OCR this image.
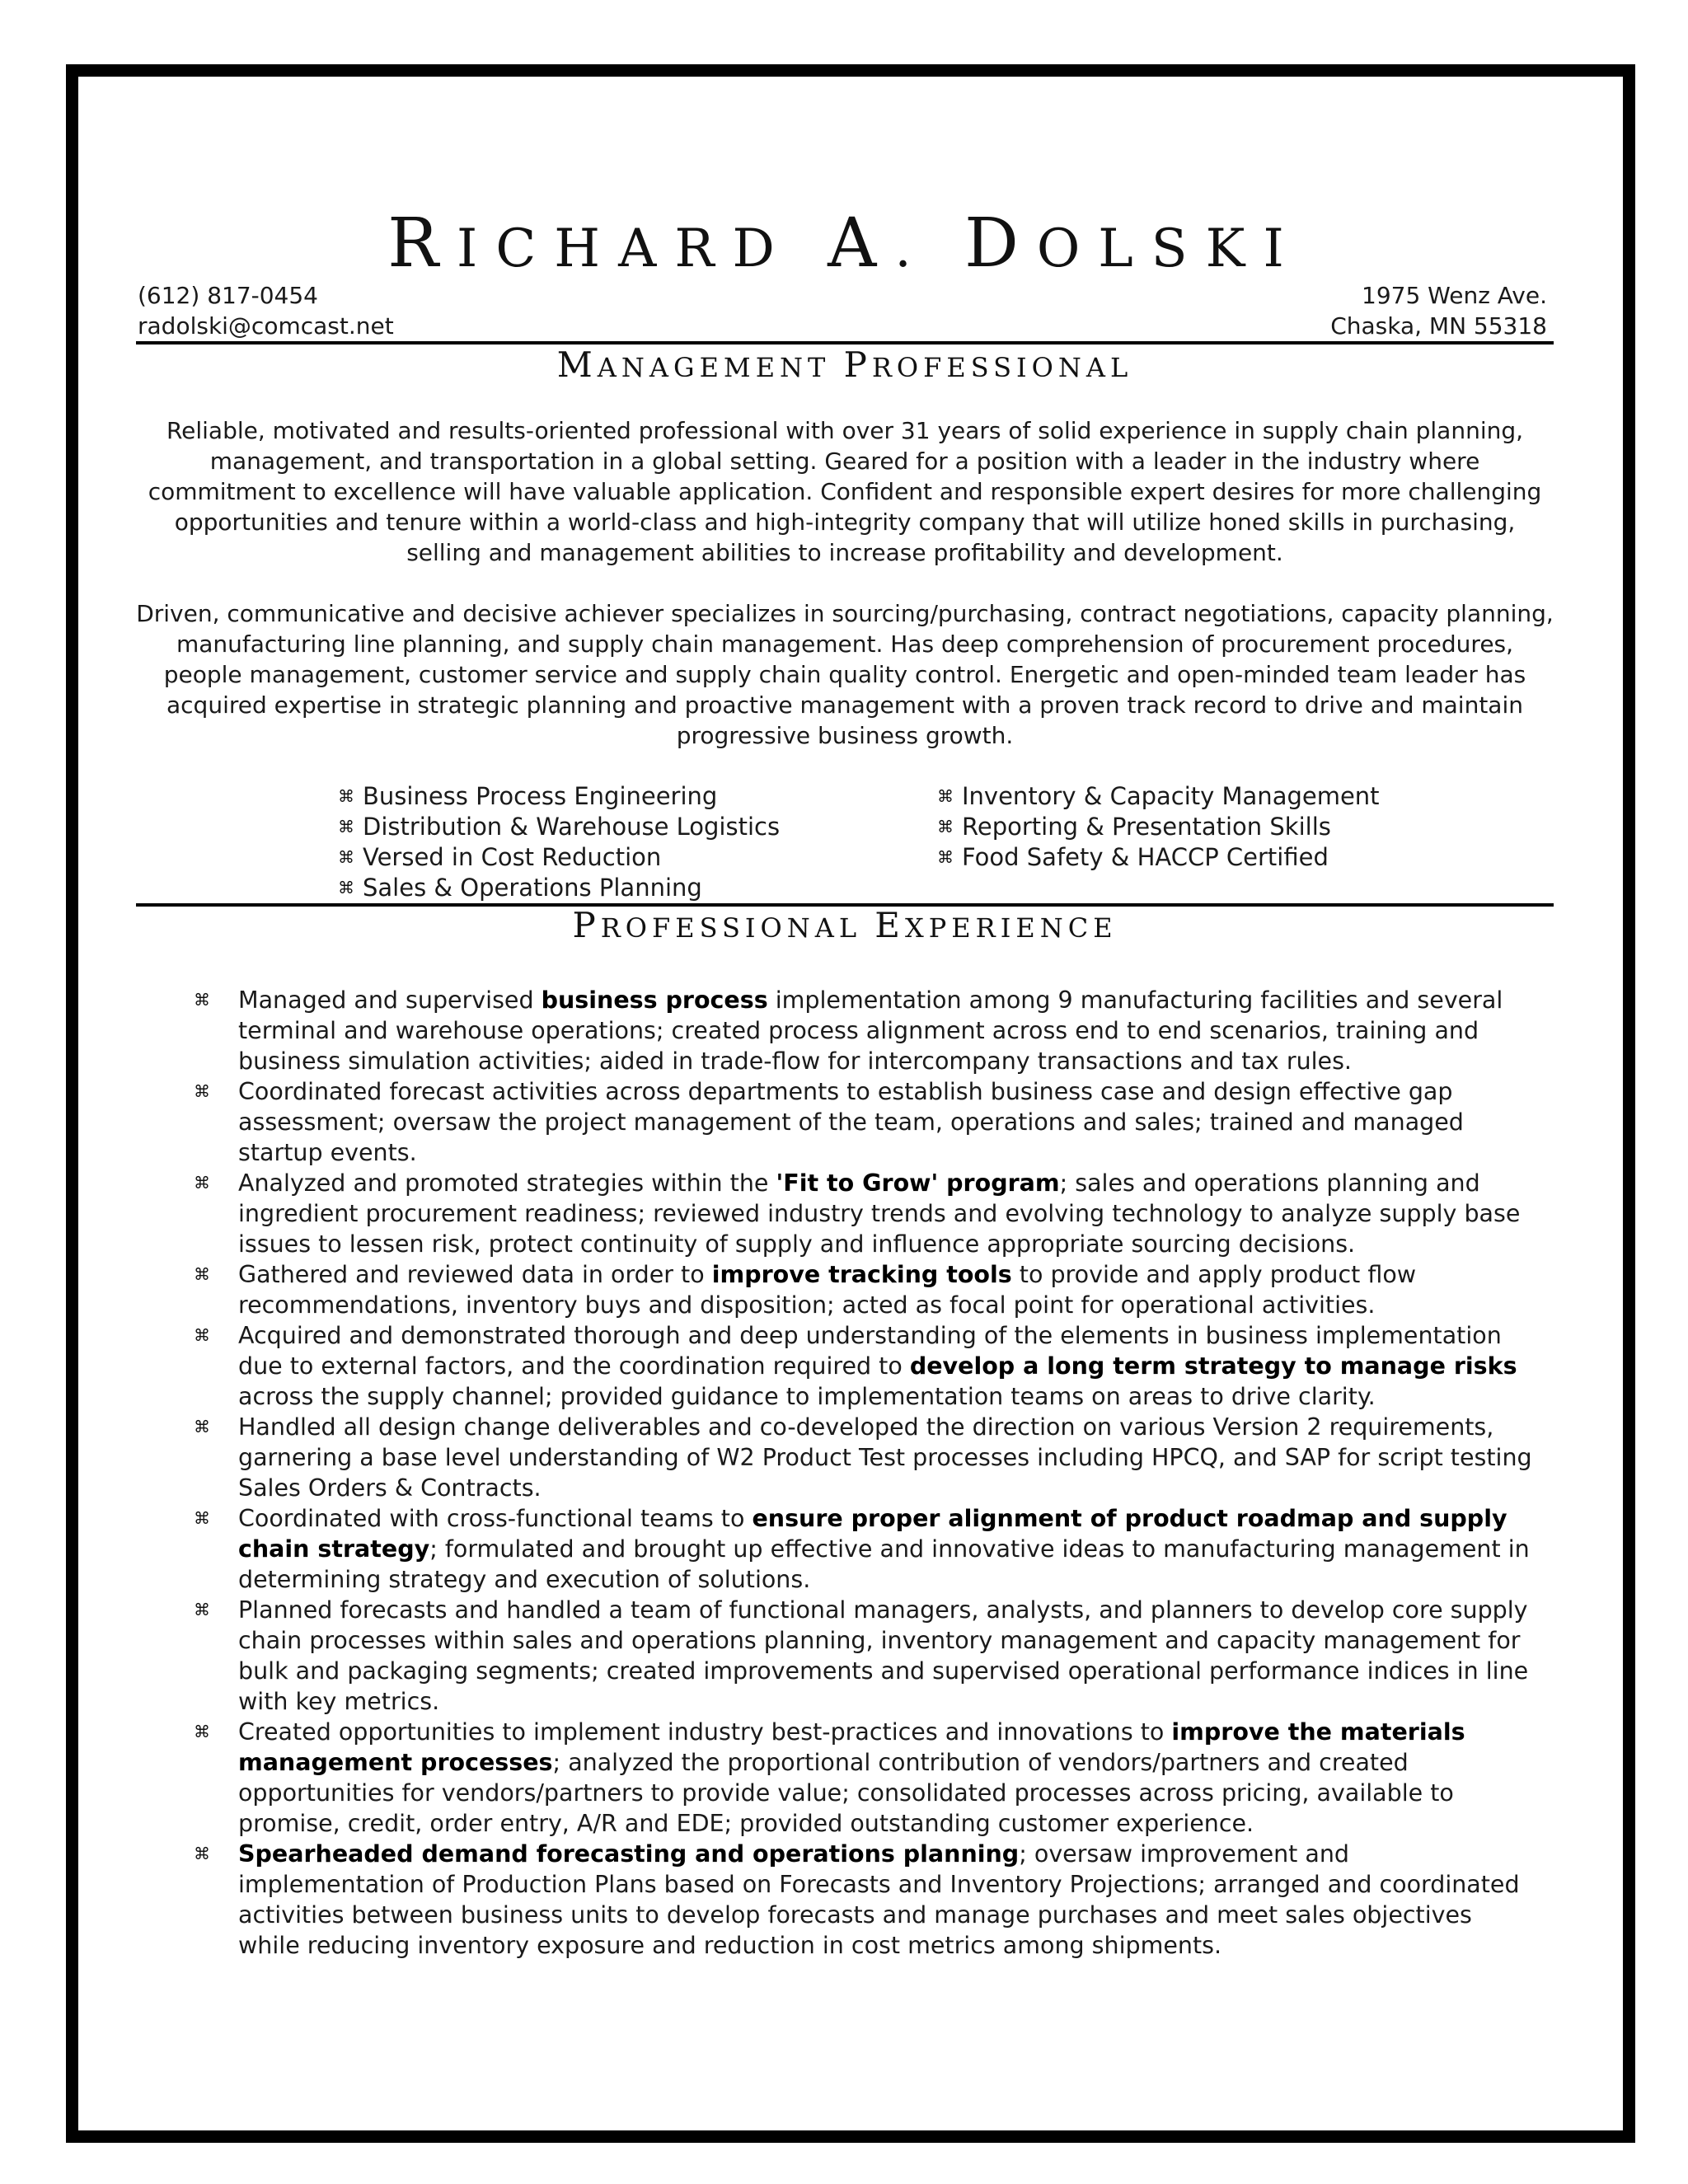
RICHARD A. DOLSKI
(612) 817-0454
radolski@comcast.net
1975 Wenz Ave.
Chaska, MN 55318
MANAGEMENT PROFESSIONAL
Reliable, motivated and results-oriented professional with over 31 years of solid experience in supply chain planning, management, and transportation in a global setting. Geared for a position with a leader in the industry where commitment to excellence will have valuable application. Confident and responsible expert desires for more challenging opportunities and tenure within a world-class and high-integrity company that will utilize honed skills in purchasing, selling and management abilities to increase profitability and development.
Driven, communicative and decisive achiever specializes in sourcing/purchasing, contract negotiations, capacity planning, manufacturing line planning, and supply chain management. Has deep comprehension of procurement procedures, people management, customer service and supply chain quality control. Energetic and open-minded team leader has acquired expertise in strategic planning and proactive management with a proven track record to drive and maintain progressive business growth.
⌘ Business Process Engineering
⌘ Distribution & Warehouse Logistics
⌘ Versed in Cost Reduction
⌘ Sales & Operations Planning
⌘ Inventory & Capacity Management
⌘ Reporting & Presentation Skills
⌘ Food Safety & HACCP Certified
PROFESSIONAL EXPERIENCE
⌘ Managed and supervised business process implementation among 9 manufacturing facilities and several terminal and warehouse operations; created process alignment across end to end scenarios, training and business simulation activities; aided in trade-flow for intercompany transactions and tax rules.
⌘ Coordinated forecast activities across departments to establish business case and design effective gap assessment; oversaw the project management of the team, operations and sales; trained and managed startup events.
⌘ Analyzed and promoted strategies within the 'Fit to Grow' program; sales and operations planning and ingredient procurement readiness; reviewed industry trends and evolving technology to analyze supply base issues to lessen risk, protect continuity of supply and influence appropriate sourcing decisions.
⌘ Gathered and reviewed data in order to improve tracking tools to provide and apply product flow recommendations, inventory buys and disposition; acted as focal point for operational activities.
⌘ Acquired and demonstrated thorough and deep understanding of the elements in business implementation due to external factors, and the coordination required to develop a long term strategy to manage risks across the supply channel; provided guidance to implementation teams on areas to drive clarity.
⌘ Handled all design change deliverables and co-developed the direction on various Version 2 requirements, garnering a base level understanding of W2 Product Test processes including HPCQ, and SAP for script testing Sales Orders & Contracts.
⌘ Coordinated with cross-functional teams to ensure proper alignment of product roadmap and supply chain strategy; formulated and brought up effective and innovative ideas to manufacturing management in determining strategy and execution of solutions.
⌘ Planned forecasts and handled a team of functional managers, analysts, and planners to develop core supply chain processes within sales and operations planning, inventory management and capacity management for bulk and packaging segments; created improvements and supervised operational performance indices in line with key metrics.
⌘ Created opportunities to implement industry best-practices and innovations to improve the materials management processes; analyzed the proportional contribution of vendors/partners and created opportunities for vendors/partners to provide value; consolidated processes across pricing, available to promise, credit, order entry, A/R and EDE; provided outstanding customer experience.
⌘ Spearheaded demand forecasting and operations planning; oversaw improvement and implementation of Production Plans based on Forecasts and Inventory Projections; arranged and coordinated activities between business units to develop forecasts and manage purchases and meet sales objectives while reducing inventory exposure and reduction in cost metrics among shipments.
